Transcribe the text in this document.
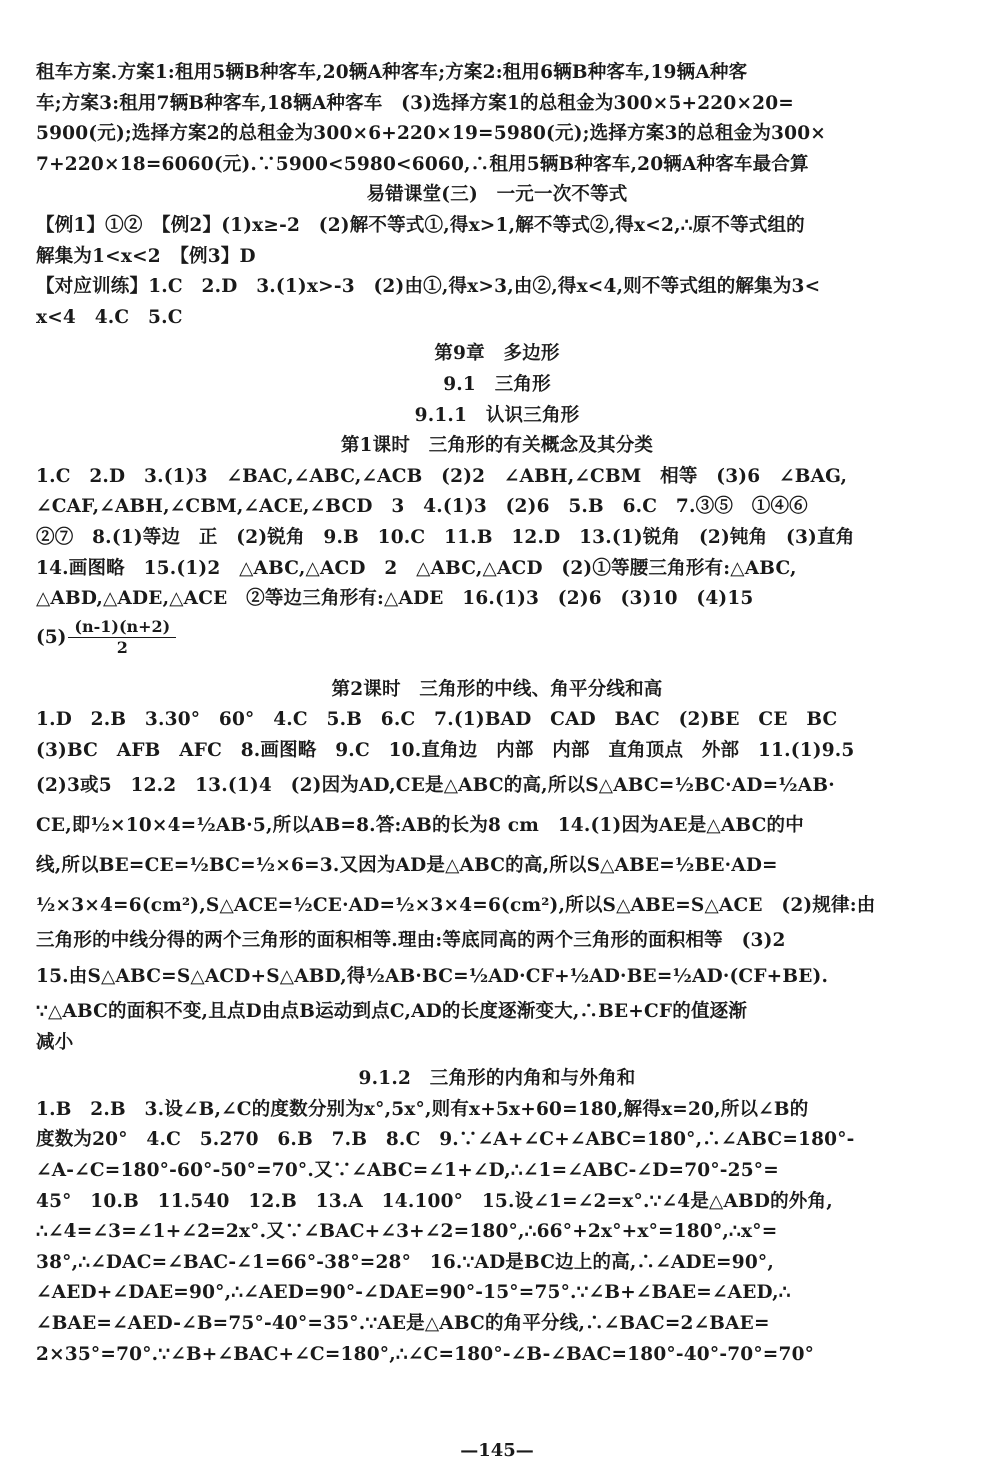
租车方案.方案1:租用5辆B种客车,20辆A种客车;方案2:租用6辆B种客车,19辆A种客
车;方案3:租用7辆B种客车,18辆A种客车　(3)选择方案1的总租金为300×5+220×20=
5900(元);选择方案2的总租金为300×6+220×19=5980(元);选择方案3的总租金为300×
7+220×18=6060(元).∵5900<5980<6060,∴租用5辆B种客车,20辆A种客车最合算
易错课堂(三)　一元一次不等式
【例1】①②　【例2】(1)x≥-2　(2)解不等式①,得x>1,解不等式②,得x<2,∴原不等式组的
解集为1<x<2　【例3】D
【对应训练】1.C　2.D　3.(1)x>-3　(2)由①,得x>3,由②,得x<4,则不等式组的解集为3<
x<4　4.C　5.C
第9章　多边形
9.1　三角形
9.1.1　认识三角形
第1课时　三角形的有关概念及其分类
1.C　2.D　3.(1)3　∠BAC,∠ABC,∠ACB　(2)2　∠ABH,∠CBM　相等　(3)6　∠BAG,
∠CAF,∠ABH,∠CBM,∠ACE,∠BCD　3　4.(1)3　(2)6　5.B　6.C　7.③⑤　①④⑥
②⑦　8.(1)等边　正　(2)锐角　9.B　10.C　11.B　12.D　13.(1)锐角　(2)钝角　(3)直角
14.画图略　15.(1)2　△ABC,△ACD　2　△ABC,△ACD　(2)①等腰三角形有:△ABC,
△ABD,△ADE,△ACE　②等边三角形有:△ADE　16.(1)3　(2)6　(3)10　(4)15
$(5) \frac{(n-1)(n+2)}{2}$
第2课时　三角形的中线、角平分线和高
1.D　2.B　3.30°　60°　4.C　5.B　6.C　7.(1)BAD　CAD　BAC　(2)BE　CE　BC
(3)BC　AFB　AFC　8.画图略　9.C　10.直角边　内部　内部　直角顶点　外部　11.(1)9.5
(2)3或5　12.2　13.(1)4　(2)因为AD,CE是△ABC的高,所以S△ABC=½BC·AD=½AB·
CE,即½×10×4=½AB·5,所以AB=8.答:AB的长为8 cm　14.(1)因为AE是△ABC的中
线,所以BE=CE=½BC=½×6=3.又因为AD是△ABC的高,所以S△ABE=½BE·AD=
½×3×4=6(cm²),S△ACE=½CE·AD=½×3×4=6(cm²),所以S△ABE=S△ACE　(2)规律:由
三角形的中线分得的两个三角形的面积相等.理由:等底同高的两个三角形的面积相等　(3)2
15.由S△ABC=S△ACD+S△ABD,得½AB·BC=½AD·CF+½AD·BE=½AD·(CF+BE).
∵△ABC的面积不变,且点D由点B运动到点C,AD的长度逐渐变大,∴BE+CF的值逐渐
减小
9.1.2　三角形的内角和与外角和
1.B　2.B　3.设∠B,∠C的度数分别为x°,5x°,则有x+5x+60=180,解得x=20,所以∠B的
度数为20°　4.C　5.270　6.B　7.B　8.C　9.∵∠A+∠C+∠ABC=180°,∴∠ABC=180°-
∠A-∠C=180°-60°-50°=70°.又∵∠ABC=∠1+∠D,∴∠1=∠ABC-∠D=70°-25°=
45°　10.B　11.540　12.B　13.A　14.100°　15.设∠1=∠2=x°.∵∠4是△ABD的外角,
∴∠4=∠3=∠1+∠2=2x°.又∵∠BAC+∠3+∠2=180°,∴66°+2x°+x°=180°,∴x°=
38°,∴∠DAC=∠BAC-∠1=66°-38°=28°　16.∵AD是BC边上的高,∴∠ADE=90°,
∠AED+∠DAE=90°,∴∠AED=90°-∠DAE=90°-15°=75°.∵∠B+∠BAE=∠AED,∴
∠BAE=∠AED-∠B=75°-40°=35°.∵AE是△ABC的角平分线,∴∠BAC=2∠BAE=
2×35°=70°.∵∠B+∠BAC+∠C=180°,∴∠C=180°-∠B-∠BAC=180°-40°-70°=70°
—145—
